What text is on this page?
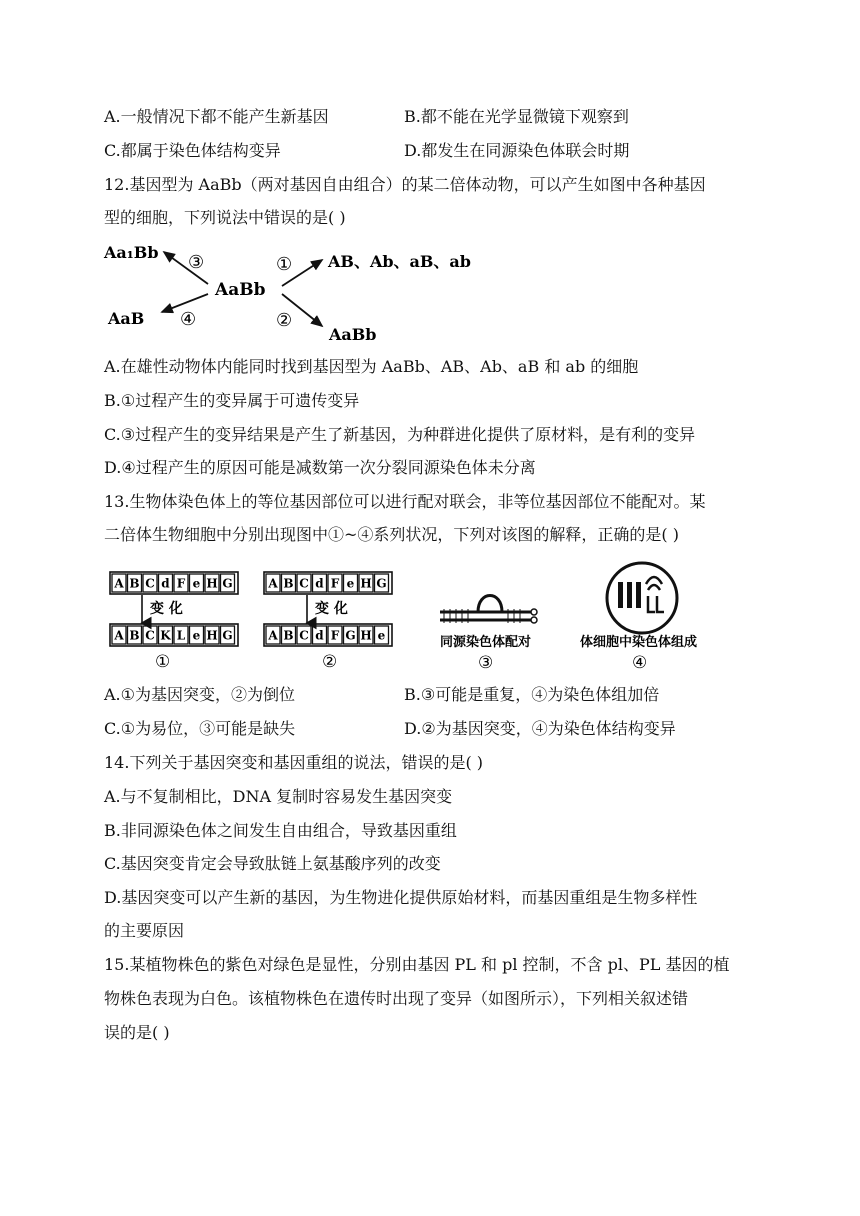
A.一般情况下都不能产生新基因	B.都不能在光学显微镜下观察到
C.都属于染色体结构变异	D.都发生在同源染色体联会时期
12.基因型为 AaBb（两对基因自由组合）的某二倍体动物，可以产生如图中各种基因
型的细胞，下列说法中错误的是( )
AaBb
Aa₁Bb
AaB
AB、Ab、aB、ab
AaBb
③
④
①
②
A.在雄性动物体内能同时找到基因型为 AaBb、AB、Ab、aB 和 ab 的细胞
B.①过程产生的变异属于可遗传变异
C.③过程产生的变异结果是产生了新基因，为种群进化提供了原材料，是有利的变异
D.④过程产生的原因可能是减数第一次分裂同源染色体未分离
13.生物体染色体上的等位基因部位可以进行配对联会，非等位基因部位不能配对。某
二倍体生物细胞中分别出现图中①~④系列状况，下列对该图的解释，正确的是( )
A B C d F e H G
A B C K L e H G
A B C d F e H G
A B C d F G H e
变 化	变 化
①	②
同源染色体配对
③
体细胞中染色体组成
④
A.①为基因突变，②为倒位	B.③可能是重复，④为染色体组加倍
C.①为易位，③可能是缺失	D.②为基因突变，④为染色体结构变异
14.下列关于基因突变和基因重组的说法，错误的是( )
A.与不复制相比，DNA 复制时容易发生基因突变
B.非同源染色体之间发生自由组合，导致基因重组
C.基因突变肯定会导致肽链上氨基酸序列的改变
D.基因突变可以产生新的基因，为生物进化提供原始材料，而基因重组是生物多样性
的主要原因
15.某植物株色的紫色对绿色是显性，分别由基因 PL 和 pl 控制，不含 pl、PL 基因的植
物株色表现为白色。该植物株色在遗传时出现了变异（如图所示），下列相关叙述错
误的是( )
